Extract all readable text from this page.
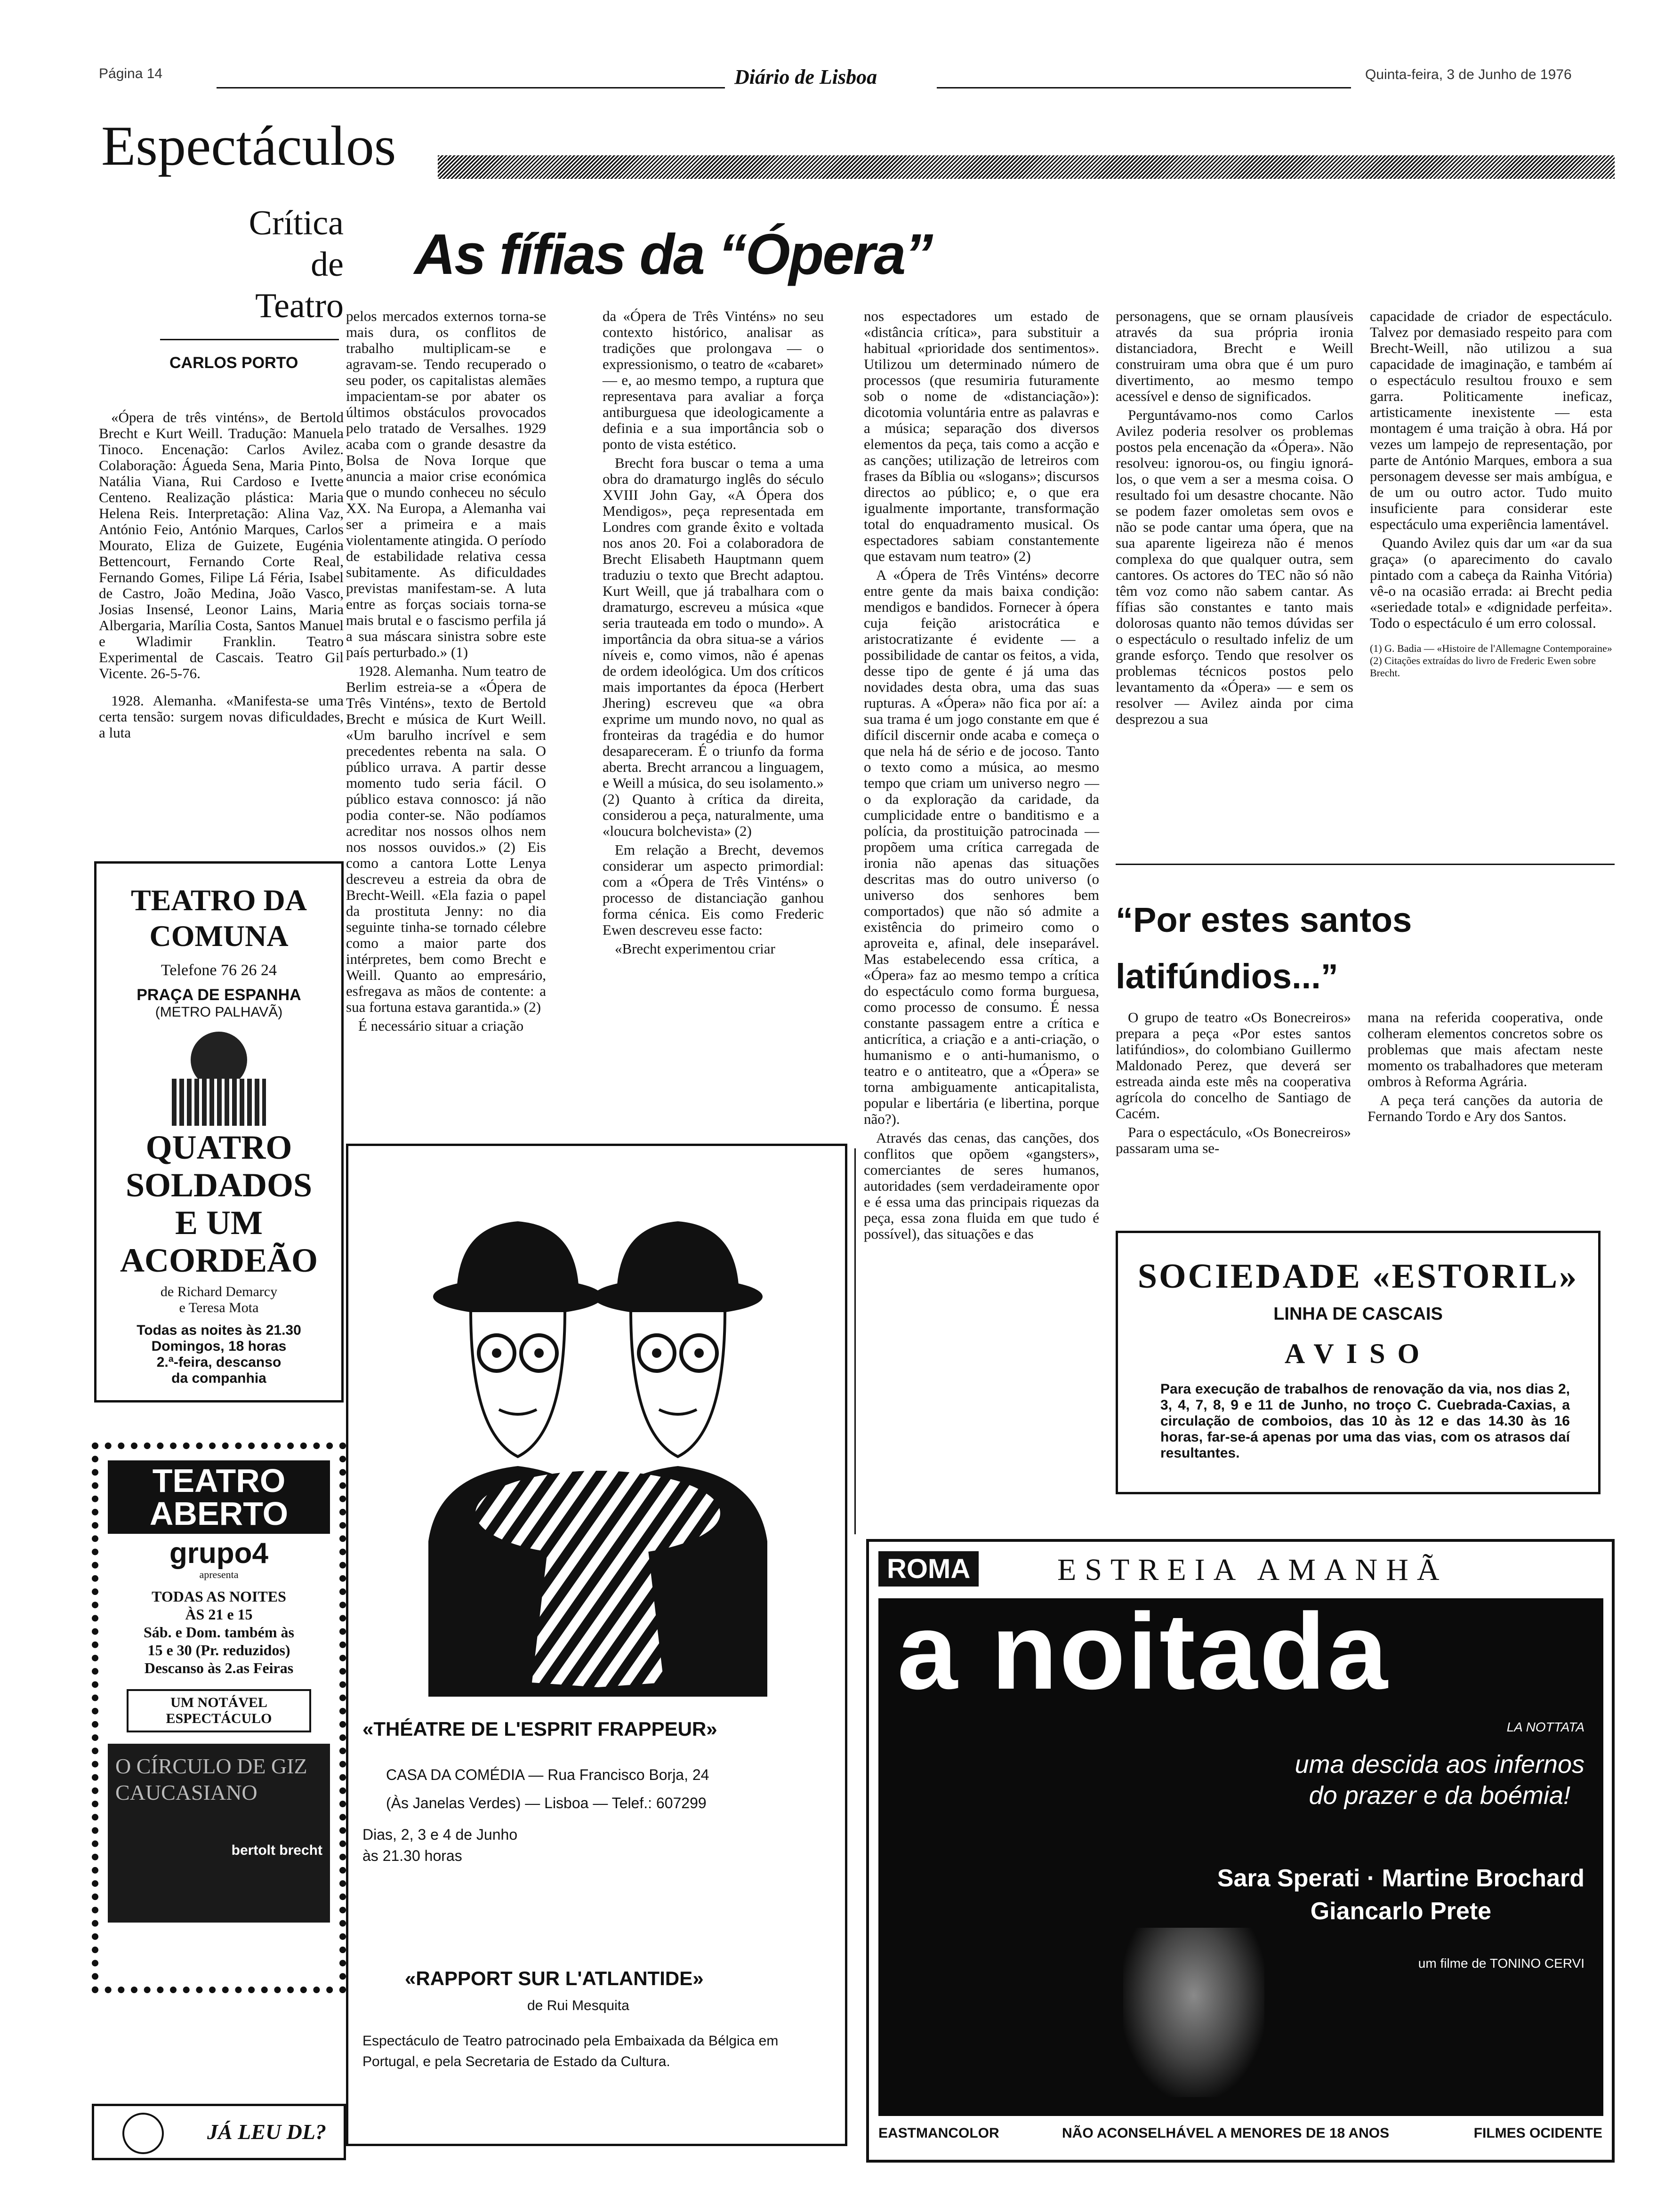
Página 14	Diário de Lisboa	Quinta-feira, 3 de Junho de 1976
Espectáculos
Crítica
de
Teatro
CARLOS PORTO
As fífias da “Ópera”

«Ópera de três vinténs», de Bertold Brecht e Kurt Weill. Tradução: Manuela Tinoco. Encenação: Carlos Avilez. Colaboração: Águeda Sena, Maria Pinto, Natália Viana, Rui Cardoso e Ivette Centeno. Realização plástica: Maria Helena Reis. Interpretação: Alina Vaz, António Feio, António Marques, Carlos Mourato, Eliza de Guizete, Eugénia Bettencourt, Fernando Corte Real, Fernando Gomes, Filipe Lá Féria, Isabel de Castro, João Medina, João Vasco, Josias Insensé, Leonor Lains, Maria Albergaria, Marília Costa, Santos Manuel e Wladimir Franklin. Teatro Experimental de Cascais. Teatro Gil Vicente. 26-5-76.

1928. Alemanha. «Manifesta-se uma certa tensão: surgem novas dificuldades, a luta

pelos mercados externos torna-se mais dura, os conflitos de trabalho multiplicam-se e agravam-se. Tendo recuperado o seu poder, os capitalistas alemães impacientam-se por abater os últimos obstáculos provocados pelo tratado de Versalhes. 1929 acaba com o grande desastre da Bolsa de Nova Iorque que anuncia a maior crise económica que o mundo conheceu no século XX. Na Europa, a Alemanha vai ser a primeira e a mais violentamente atingida. O período de estabilidade relativa cessa subitamente. As dificuldades previstas manifestam-se. A luta entre as forças sociais torna-se mais brutal e o fascismo perfila já a sua máscara sinistra sobre este país perturbado.» (1)

1928. Alemanha. Num teatro de Berlim estreia-se a «Ópera de Três Vinténs», texto de Bertold Brecht e música de Kurt Weill. «Um barulho incrível e sem precedentes rebenta na sala. O público urrava. A partir desse momento tudo seria fácil. O público estava connosco: já não podia conter-se. Não podíamos acreditar nos nossos olhos nem nos nossos ouvidos.» (2) Eis como a cantora Lotte Lenya descreveu a estreia da obra de Brecht-Weill. «Ela fazia o papel da prostituta Jenny: no dia seguinte tinha-se tornado célebre como a maior parte dos intérpretes, bem como Brecht e Weill. Quanto ao empresário, esfregava as mãos de contente: a sua fortuna estava garantida.» (2)

É necessário situar a criação

da «Ópera de Três Vinténs» no seu contexto histórico, analisar as tradições que prolongava — o expressionismo, o teatro de «cabaret» — e, ao mesmo tempo, a ruptura que representava para avaliar a força antiburguesa que ideologicamente a definia e a sua importância sob o ponto de vista estético.

Brecht fora buscar o tema a uma obra do dramaturgo inglês do século XVIII John Gay, «A Ópera dos Mendigos», peça representada em Londres com grande êxito e voltada nos anos 20. Foi a colaboradora de Brecht Elisabeth Hauptmann quem traduziu o texto que Brecht adaptou. Kurt Weill, que já trabalhara com o dramaturgo, escreveu a música «que seria trauteada em todo o mundo». A importância da obra situa-se a vários níveis e, como vimos, não é apenas de ordem ideológica. Um dos críticos mais importantes da época (Herbert Jhering) escreveu que «a obra exprime um mundo novo, no qual as fronteiras da tragédia e do humor desapareceram. É o triunfo da forma aberta. Brecht arrancou a linguagem, e Weill a música, do seu isolamento.» (2) Quanto à crítica da direita, considerou a peça, naturalmente, uma «loucura bolchevista» (2)

Em relação a Brecht, devemos considerar um aspecto primordial: com a «Ópera de Três Vinténs» o processo de distanciação ganhou forma cénica. Eis como Frederic Ewen descreveu esse facto:

«Brecht experimentou criar

nos espectadores um estado de «distância crítica», para substituir a habitual «prioridade dos sentimentos». Utilizou um determinado número de processos (que resumiria futuramente sob o nome de «distanciação»): dicotomia voluntária entre as palavras e a música; separação dos diversos elementos da peça, tais como a acção e as canções; utilização de letreiros com frases da Bíblia ou «slogans»; discursos directos ao público; e, o que era igualmente importante, transformação total do enquadramento musical. Os espectadores sabiam constantemente que estavam num teatro» (2)

A «Ópera de Três Vinténs» decorre entre gente da mais baixa condição: mendigos e bandidos. Fornecer à ópera cuja feição aristocrática e aristocratizante é evidente — a possibilidade de cantar os feitos, a vida, desse tipo de gente é já uma das novidades desta obra, uma das suas rupturas. A «Ópera» não fica por aí: a sua trama é um jogo constante em que é difícil discernir onde acaba e começa o que nela há de sério e de jocoso. Tanto o texto como a música, ao mesmo tempo que criam um universo negro — o da exploração da caridade, da cumplicidade entre o banditismo e a polícia, da prostituição patrocinada — propõem uma crítica carregada de ironia não apenas das situações descritas mas do outro universo (o universo dos senhores bem comportados) que não só admite a existência do primeiro como o aproveita e, afinal, dele inseparável. Mas estabelecendo essa crítica, a «Ópera» faz ao mesmo tempo a crítica do espectáculo como forma burguesa, como processo de consumo. É nessa constante passagem entre a crítica e anticrítica, a criação e a anti-criação, o humanismo e o anti-humanismo, o teatro e o antiteatro, que a «Ópera» se torna ambiguamente anticapitalista, popular e libertária (e libertina, porque não?).

Através das cenas, das canções, dos conflitos que opõem «gangsters», comerciantes de seres humanos, autoridades (sem verdadeiramente opor e é essa uma das principais riquezas da peça, essa zona fluida em que tudo é possível), das situações e das

personagens, que se ornam plausíveis através da sua própria ironia distanciadora, Brecht e Weill construiram uma obra que é um puro divertimento, ao mesmo tempo acessível e denso de significados.

Perguntávamo-nos como Carlos Avilez poderia resolver os problemas postos pela encenação da «Ópera». Não resolveu: ignorou-os, ou fingiu ignorá-los, o que vem a ser a mesma coisa. O resultado foi um desastre chocante. Não se podem fazer omoletas sem ovos e não se pode cantar uma ópera, que na sua aparente ligeireza não é menos complexa do que qualquer outra, sem cantores. Os actores do TEC não só não têm voz como não sabem cantar. As fífias são constantes e tanto mais dolorosas quanto não temos dúvidas ser o espectáculo o resultado infeliz de um grande esforço. Tendo que resolver os problemas técnicos postos pelo levantamento da «Ópera» — e sem os resolver — Avilez ainda por cima desprezou a sua

capacidade de criador de espectáculo. Talvez por demasiado respeito para com Brecht-Weill, não utilizou a sua capacidade de imaginação, e também aí o espectáculo resultou frouxo e sem garra. Politicamente ineficaz, artisticamente inexistente — esta montagem é uma traição à obra. Há por vezes um lampejo de representação, por parte de António Marques, embora a sua personagem devesse ser mais ambígua, e de um ou outro actor. Tudo muito insuficiente para considerar este espectáculo uma experiência lamentável.

Quando Avilez quis dar um «ar da sua graça» (o aparecimento do cavalo pintado com a cabeça da Rainha Vitória) vê-o na ocasião errada: ai Brecht pedia «seriedade total» e «dignidade perfeita». Todo o espectáculo é um erro colossal.

(1) G. Badia — «Histoire de l'Allemagne Contemporaine»
(2) Citações extraídas do livro de Frederic Ewen sobre Brecht.
TEATRO DA
COMUNA
Telefone 76 26 24
PRAÇA DE ESPANHA
(METRO PALHAVÃ)
QUATRO
SOLDADOS
E UM
ACORDEÃO
de Richard Demarcy
e Teresa Mota
Todas as noites às 21.30
Domingos, 18 horas
2.ª-feira, descanso
da companhia
TEATRO
ABERTO
grupo4
apresenta
TODAS AS NOITES
ÀS 21 e 15
Sáb. e Dom. também às
15 e 30 (Pr. reduzidos)
Descanso às 2.as Feiras
UM NOTÁVEL
ESPECTÁCULO
O CÍRCULO DE GIZ CAUCASIANO
bertolt brecht
JÁ LEU DL?
«THÉATRE DE L'ESPRIT FRAPPEUR»
CASA DA COMÉDIA — Rua Francisco Borja, 24
(Às Janelas Verdes) — Lisboa — Telef.: 607299
Dias, 2, 3 e 4 de Junho
às 21.30 horas
«RAPPORT SUR L'ATLANTIDE»
de Rui Mesquita
Espectáculo de Teatro patrocinado pela Embaixada da Bélgica em Portugal, e pela Secretaria de Estado da Cultura.
“Por estes santos
latifúndios...”

O grupo de teatro «Os Bonecreiros» prepara a peça «Por estes santos latifúndios», do colombiano Guillermo Maldonado Perez, que deverá ser estreada ainda este mês na cooperativa agrícola do concelho de Santiago de Cacém.

Para o espectáculo, «Os Bonecreiros» passaram uma se-

mana na referida cooperativa, onde colheram elementos concretos sobre os problemas que mais afectam neste momento os trabalhadores que meteram ombros à Reforma Agrária.

A peça terá canções da autoria de Fernando Tordo e Ary dos Santos.

SOCIEDADE «ESTORIL»
LINHA DE CASCAIS
AVISO
Para execução de trabalhos de renovação da via, nos dias 2, 3, 4, 7, 8, 9 e 11 de Junho, no troço C. Cuebrada-Caxias, a circulação de comboios, das 10 às 12 e das 14.30 às 16 horas, far-se-á apenas por uma das vias, com os atrasos daí resultantes.
ROMA	ESTREIA AMANHÃ
a noitada
LA NOTTATA
uma descida aos infernos
do prazer e da boémia!
Sara Sperati · Martine Brochard
Giancarlo Prete
um filme de TONINO CERVI
EASTMANCOLOR	NÃO ACONSELHÁVEL A MENORES DE 18 ANOS	FILMES OCIDENTE
